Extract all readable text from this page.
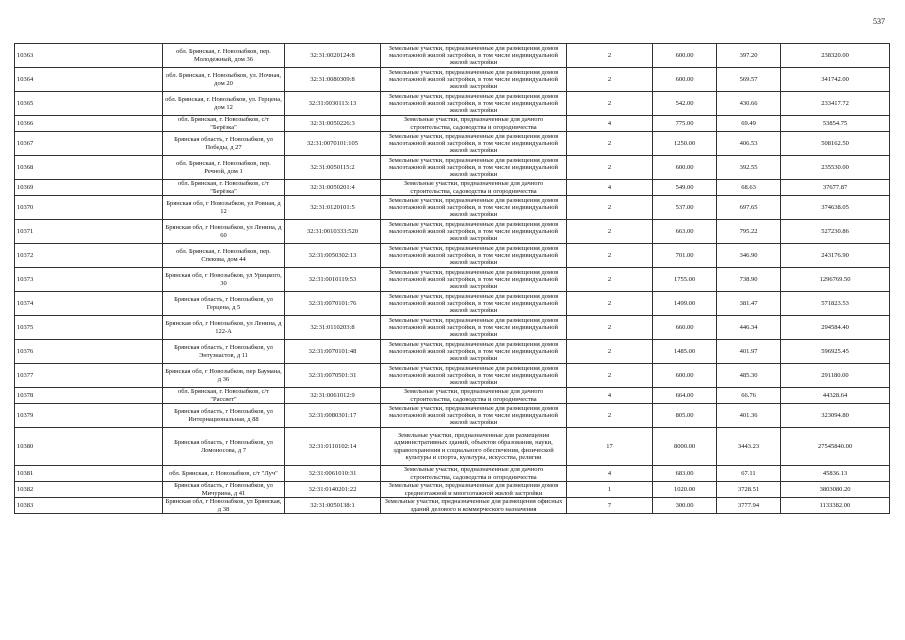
537
10363	обл. Брянская, г. Новозыбков, пер. Молодежный, дом 36	32:31:0020124:8	Земельные участки, предназначенные для размещения домов малоэтажной жилой застройки, в том числе индивидуальной жилой застройки	2	600.00	397.20	238320.00
10364	обл. Брянская, г. Новозыбков, ул. Ночная, дом 20	32:31:0080309:8	Земельные участки, предназначенные для размещения домов малоэтажной жилой застройки, в том числе индивидуальной жилой застройки	2	600.00	569.57	341742.00
10365	обл. Брянская, г. Новозыбков, ул. Герцена, дом 12	32:31:0030113:13	Земельные участки, предназначенные для размещения домов малоэтажной жилой застройки, в том числе индивидуальной жилой застройки	2	542.00	430.66	233417.72
10366	обл. Брянская, г. Новозыбков, с/т "Берёзка"	32:31:0050226:3	Земельные участки, предназначенные для дачного строительства, садоводства и огородничества	4	775.00	69.49	53854.75
10367	Брянская область, г Новозыбков, ул Победы, д 27	32:31:0070101:105	Земельные участки, предназначенные для размещения домов малоэтажной жилой застройки, в том числе индивидуальной жилой застройки	2	1250.00	406.53	508162.50
10368	обл. Брянская, г. Новозыбков, пер. Речной, дом 1	32:31:0050115:2	Земельные участки, предназначенные для размещения домов малоэтажной жилой застройки, в том числе индивидуальной жилой застройки	2	600.00	392.55	235530.00
10369	обл. Брянская, г. Новозыбков, с/т "Берёзка"	32:31:0050201:4	Земельные участки, предназначенные для дачного строительства, садоводства и огородничества	4	549.00	68.63	37677.87
10370	Брянская обл, г Новозыбков, ул Ровная, д 12	32:31:0120101:5	Земельные участки, предназначенные для размещения домов малоэтажной жилой застройки, в том числе индивидуальной жилой застройки	2	537.00	697.65	374638.05
10371	Брянская обл, г Новозыбков, ул Ленина, д 60	32:31:0010333:520	Земельные участки, предназначенные для размещения домов малоэтажной жилой застройки, в том числе индивидуальной жилой застройки	2	663.00	795.22	527230.86
10372	обл. Брянская, г. Новозыбков, пер. Спекова, дом 44	32:31:0050302:13	Земельные участки, предназначенные для размещения домов малоэтажной жилой застройки, в том числе индивидуальной жилой застройки	2	701.00	346.90	243176.90
10373	Брянская обл, г Новозыбков, ул Урицкого, 30	32:31:0010119:53	Земельные участки, предназначенные для размещения домов малоэтажной жилой застройки, в том числе индивидуальной жилой застройки	2	1755.00	738.90	1296769.50
10374	Брянская область, г Новозыбков, ул Герцена, д 5	32:31:0070101:76	Земельные участки, предназначенные для размещения домов малоэтажной жилой застройки, в том числе индивидуальной жилой застройки	2	1499.00	381.47	571823.53
10375	Брянская обл, г Новозыбков, ул Ленина, д 122-А	32:31:0110203:8	Земельные участки, предназначенные для размещения домов малоэтажной жилой застройки, в том числе индивидуальной жилой застройки	2	660.00	446.34	294584.40
10376	Брянская область, г Новозыбков, ул Энтузиастов, д 11	32:31:0070101:48	Земельные участки, предназначенные для размещения домов малоэтажной жилой застройки, в том числе индивидуальной жилой застройки	2	1485.00	401.97	596925.45
10377	Брянская обл, г Новозыбков, пер Баумана, д 36	32:31:0070501:31	Земельные участки, предназначенные для размещения домов малоэтажной жилой застройки, в том числе индивидуальной жилой застройки	2	600.00	485.30	291180.00
10378	обл. Брянская, г. Новозыбков, с/т "Рассвет"	32:31:0061012:9	Земельные участки, предназначенные для дачного строительства, садоводства и огородничества	4	664.00	66.76	44328.64
10379	Брянская область, г Новозыбков, ул Интернациональная, д 88	32:31:0080301:17	Земельные участки, предназначенные для размещения домов малоэтажной жилой застройки, в том числе индивидуальной жилой застройки	2	805.00	401.36	323094.80
10380	Брянская область, г Новозыбков, ул Ломоносова, д 7	32:31:0110102:14	Земельные участки, предназначенные для размещения административных зданий, объектов образования, науки, здравоохранения и социального обеспечения, физической культуры и спорта, культуры, искусства, религии	17	8000.00	3443.23	27545840.00
10381	обл. Брянская, г. Новозыбков, с/т "Луч"	32:31:0061010:31	Земельные участки, предназначенные для дачного строительства, садоводства и огородничества	4	683.00	67.11	45836.13
10382	Брянская область, г Новозыбков, ул Мичурина, д 41	32:31:0140201:22	Земельные участки, предназначенные для размещения домов среднеэтажной и многоэтажной жилой застройки	1	1020.00	3728.51	3803080.20
10383	Брянская обл, г Новозыбков, ул Брянская, д 38	32:31:0050138:1	Земельные участки, предназначенные для размещения офисных зданий делового и коммерческого назначения	7	300.00	3777.94	1133382.00
